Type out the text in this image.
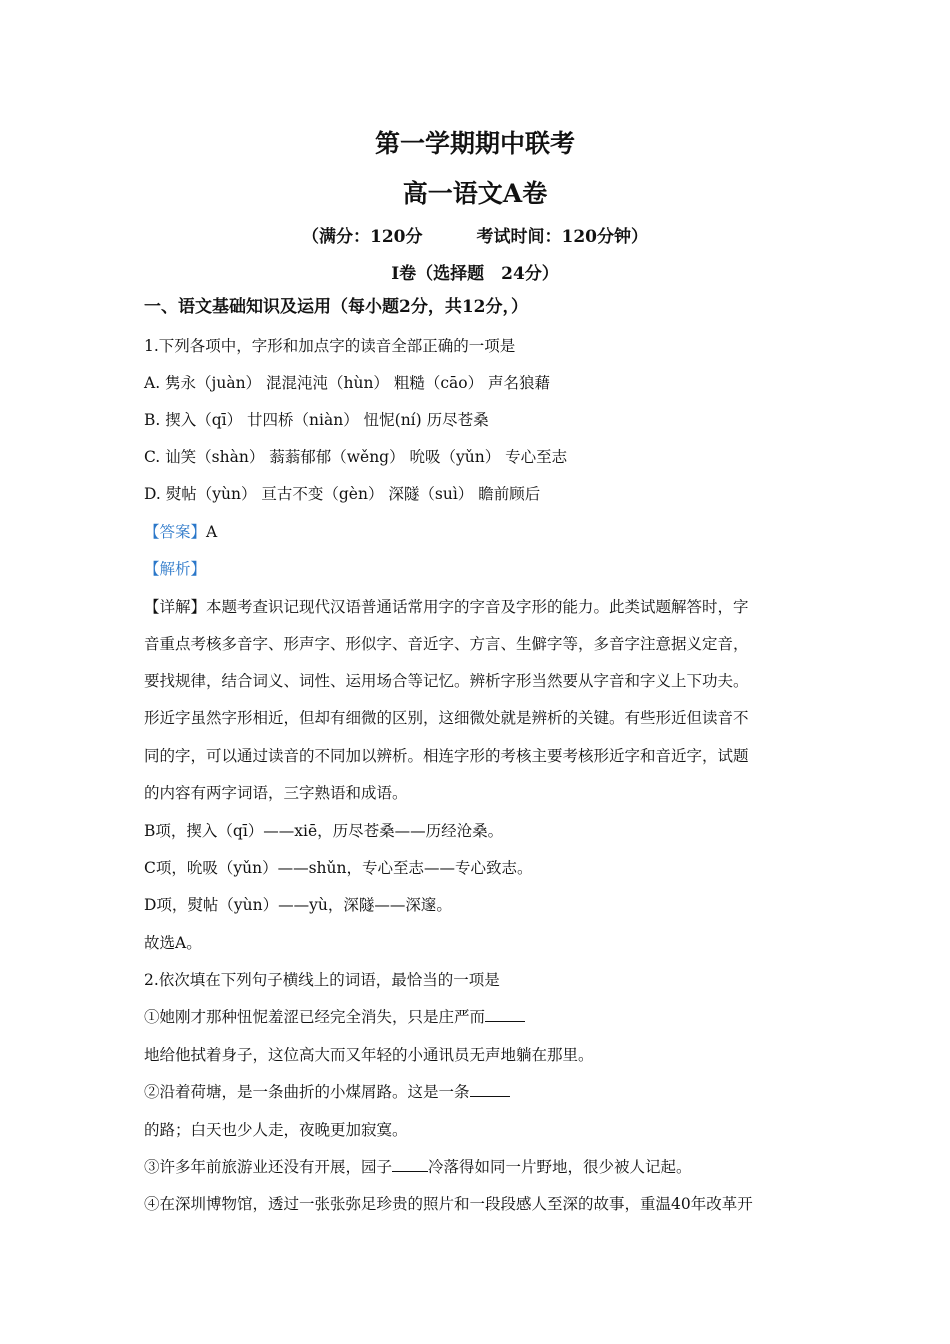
第一学期期中联考
高一语文A卷
（满分：120分	考试时间：120分钟）
I卷（选择题　24分）
一、语文基础知识及运用（每小题2分，共12分，）
1.下列各项中，字形和加点字的读音全部正确的一项是
A. 隽永（juàn） 混混沌沌（hùn） 粗糙（cāo） 声名狼藉
B. 揳入（qī） 廿四桥（niàn） 忸怩(ní) 历尽苍桑
C. 讪笑（shàn） 蓊蓊郁郁（wěng） 吮吸（yǔn） 专心至志
D. 熨帖（yùn） 亘古不变（gèn） 深隧（suì） 瞻前顾后
【答案】A
【解析】
【详解】本题考查识记现代汉语普通话常用字的字音及字形的能力。此类试题解答时，字
音重点考核多音字、形声字、形似字、音近字、方言、生僻字等，多音字注意据义定音，
要找规律，结合词义、词性、运用场合等记忆。辨析字形当然要从字音和字义上下功夫。
形近字虽然字形相近，但却有细微的区别，这细微处就是辨析的关键。有些形近但读音不
同的字，可以通过读音的不同加以辨析。相连字形的考核主要考核形近字和音近字，试题
的内容有两字词语，三字熟语和成语。
B项，揳入（qī）——xiē，历尽苍桑——历经沧桑。
C项，吮吸（yǔn）——shǔn，专心至志——专心致志。
D项，熨帖（yùn）——yù，深隧——深邃。
故选A。
2.依次填在下列句子横线上的词语，最恰当的一项是
①她刚才那种忸怩羞涩已经完全消失，只是庄严而
地给他拭着身子，这位高大而又年轻的小通讯员无声地躺在那里。
②沿着荷塘，是一条曲折的小煤屑路。这是一条
的路；白天也少人走，夜晚更加寂寞。
③许多年前旅游业还没有开展，园子 冷落得如同一片野地，很少被人记起。
④在深圳博物馆，透过一张张弥足珍贵的照片和一段段感人至深的故事，重温40年改革开
